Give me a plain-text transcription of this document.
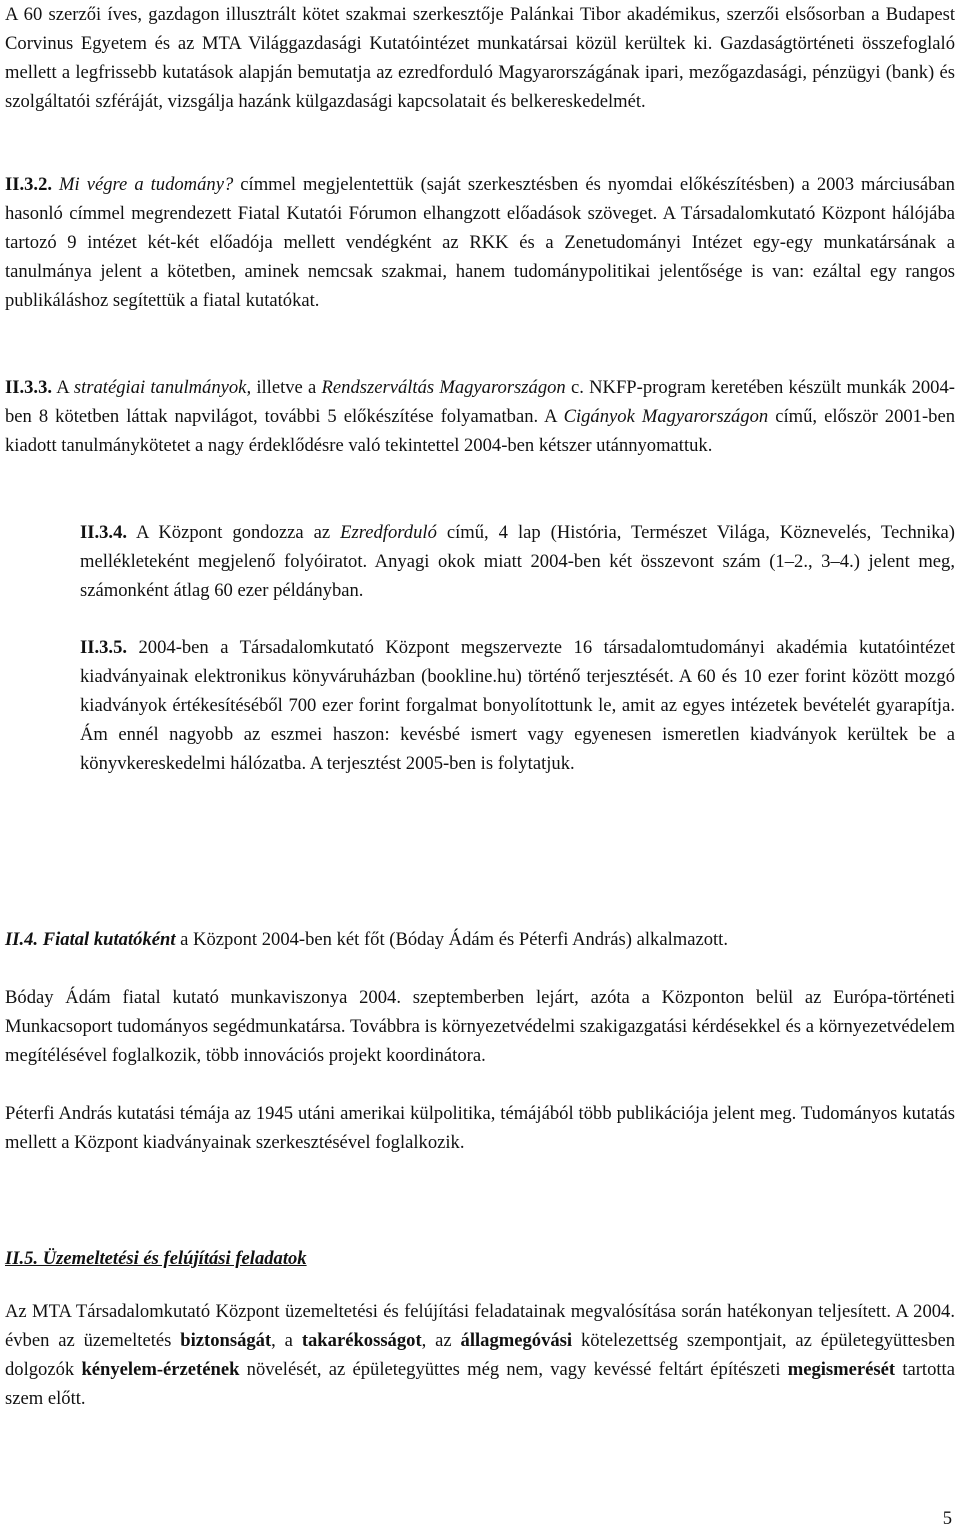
A 60 szerzői íves, gazdagon illusztrált kötet szakmai szerkesztője Palánkai Tibor akadémikus, szerzői elsősorban a Budapest Corvinus Egyetem és az MTA Világgazdasági Kutatóintézet munkatársai közül kerültek ki. Gazdaságtörténeti összefoglaló mellett a legfrissebb kutatások alapján bemutatja az ezredforduló Magyarországának ipari, mezőgazdasági, pénzügyi (bank) és szolgáltatói szféráját, vizsgálja hazánk külgazdasági kapcsolatait és belkereskedelmét.

II.3.2. Mi végre a tudomány? címmel megjelentettük (saját szerkesztésben és nyomdai előkészítésben) a 2003 márciusában hasonló címmel megrendezett Fiatal Kutatói Fórumon elhangzott előadások szöveget. A Társadalomkutató Központ hálójába tartozó 9 intézet két-két előadója mellett vendégként az RKK és a Zenetudományi Intézet egy-egy munkatársának a tanulmánya jelent a kötetben, aminek nemcsak szakmai, hanem tudománypolitikai jelentősége is van: ezáltal egy rangos publikáláshoz segítettük a fiatal kutatókat.

II.3.3. A stratégiai tanulmányok, illetve a Rendszerváltás Magyarországon c. NKFP-program keretében készült munkák 2004-ben 8 kötetben láttak napvilágot, további 5 előkészítése folyamatban. A Cigányok Magyarországon című, először 2001-ben kiadott tanulmánykötetet a nagy érdeklődésre való tekintettel 2004-ben kétszer utánnyomattuk.

II.3.4. A Központ gondozza az Ezredforduló című, 4 lap (História, Természet Világa, Köznevelés, Technika) mellékleteként megjelenő folyóiratot. Anyagi okok miatt 2004-ben két összevont szám (1–2., 3–4.) jelent meg, számonként átlag 60 ezer példányban.

II.3.5. 2004-ben a Társadalomkutató Központ megszervezte 16 társadalomtudományi akadémia kutatóintézet kiadványainak elektronikus könyváruházban (bookline.hu) történő terjesztését. A 60 és 10 ezer forint között mozgó kiadványok értékesítéséből 700 ezer forint forgalmat bonyolítottunk le, amit az egyes intézetek bevételét gyarapítja. Ám ennél nagyobb az eszmei haszon: kevésbé ismert vagy egyenesen ismeretlen kiadványok kerültek be a könyvkereskedelmi hálózatba. A terjesztést 2005-ben is folytatjuk.

II.4. Fiatal kutatóként a Központ 2004-ben két főt (Bóday Ádám és Péterfi András) alkalmazott.

Bóday Ádám fiatal kutató munkaviszonya 2004. szeptemberben lejárt, azóta a Központon belül az Európa-történeti Munkacsoport tudományos segédmunkatársa. Továbbra is környezetvédelmi szakigazgatási kérdésekkel és a környezetvédelem megítélésével foglalkozik, több innovációs projekt koordinátora.

Péterfi András kutatási témája az 1945 utáni amerikai külpolitika, témájából több publikációja jelent meg. Tudományos kutatás mellett a Központ kiadványainak szerkesztésével foglalkozik.

II.5. Üzemeltetési és felújítási feladatok

Az MTA Társadalomkutató Központ üzemeltetési és felújítási feladatainak megvalósítása során hatékonyan teljesített. A 2004. évben az üzemeltetés biztonságát, a takarékosságot, az állagmegóvási kötelezettség szempontjait, az épületegyüttesben dolgozók kényelem-érzetének növelését, az épületegyüttes még nem, vagy kevéssé feltárt építészeti megismerését tartotta szem előtt.

5
